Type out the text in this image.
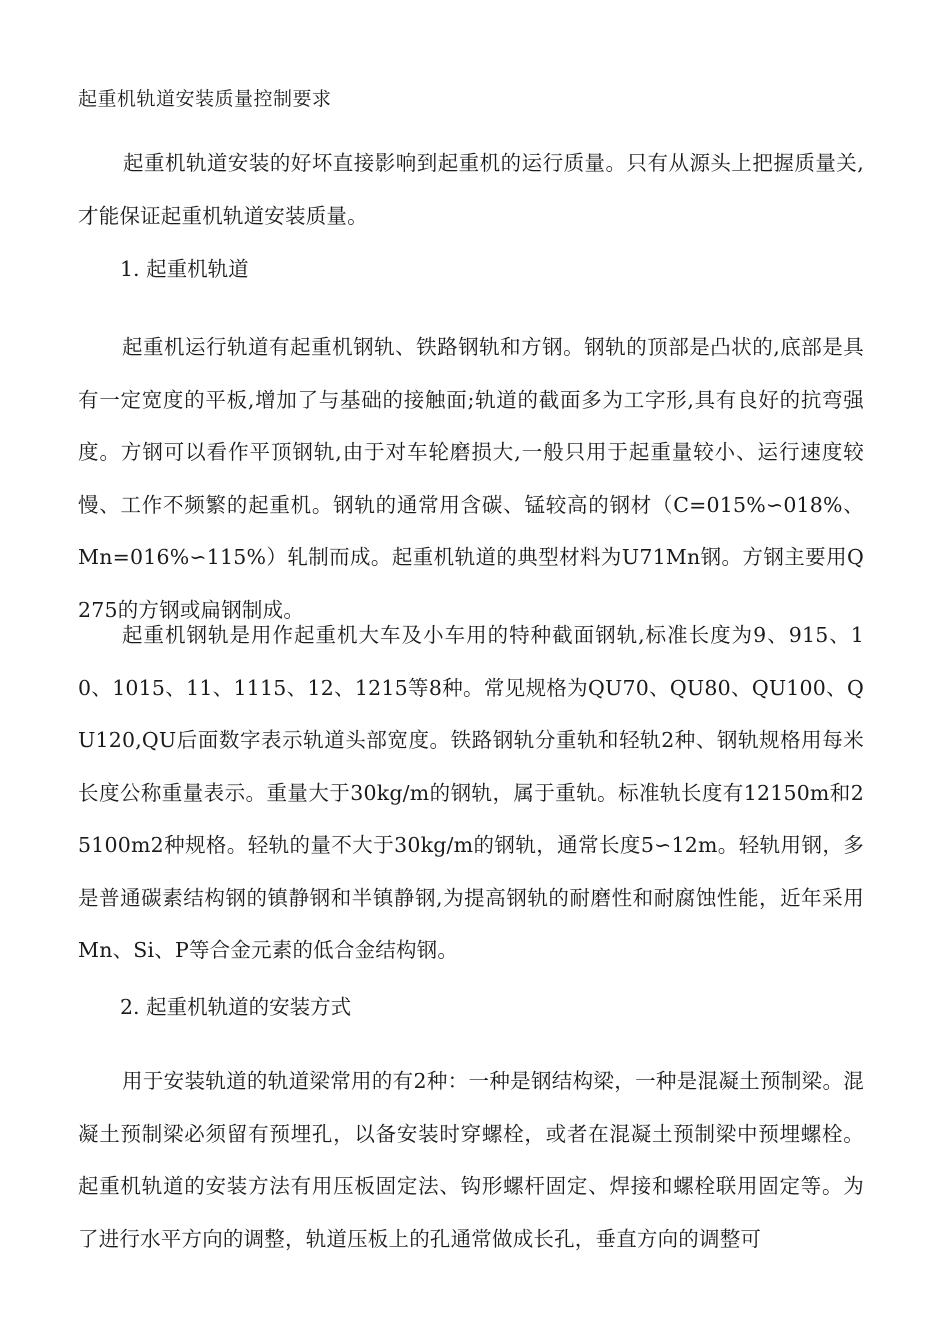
起重机轨道安装质量控制要求

起重机轨道安装的好坏直接影响到起重机的运行质量。只有从源头上把握质量关,才能保证起重机轨道安装质量。

1. 起重机轨道

起重机运行轨道有起重机钢轨、铁路钢轨和方钢。钢轨的顶部是凸状的,底部是具有一定宽度的平板,增加了与基础的接触面;轨道的截面多为工字形,具有良好的抗弯强度。方钢可以看作平顶钢轨,由于对车轮磨损大,一般只用于起重量较小、运行速度较慢、工作不频繁的起重机。钢轨的通常用含碳、锰较高的钢材（C=015%∽018%、Mn=016%∽115%）轧制而成。起重机轨道的典型材料为U71Mn钢。方钢主要用Q275的方钢或扁钢制成。

起重机钢轨是用作起重机大车及小车用的特种截面钢轨,标准长度为9、915、10、1015、11、1115、12、1215等8种。常见规格为QU70、QU80、QU100、QU120,QU后面数字表示轨道头部宽度。铁路钢轨分重轨和轻轨2种、钢轨规格用每米长度公称重量表示。重量大于30kg/m的钢轨，属于重轨。标准轨长度有12150m和25100m2种规格。轻轨的量不大于30kg/m的钢轨，通常长度5∽12m。轻轨用钢，多是普通碳素结构钢的镇静钢和半镇静钢,为提高钢轨的耐磨性和耐腐蚀性能，近年采用Mn、Si、P等合金元素的低合金结构钢。

2. 起重机轨道的安装方式

用于安装轨道的轨道梁常用的有2种：一种是钢结构梁，一种是混凝土预制梁。混凝土预制梁必须留有预埋孔，以备安装时穿螺栓，或者在混凝土预制梁中预埋螺栓。起重机轨道的安装方法有用压板固定法、钩形螺杆固定、焊接和螺栓联用固定等。为了进行水平方向的调整，轨道压板上的孔通常做成长孔，垂直方向的调整可
